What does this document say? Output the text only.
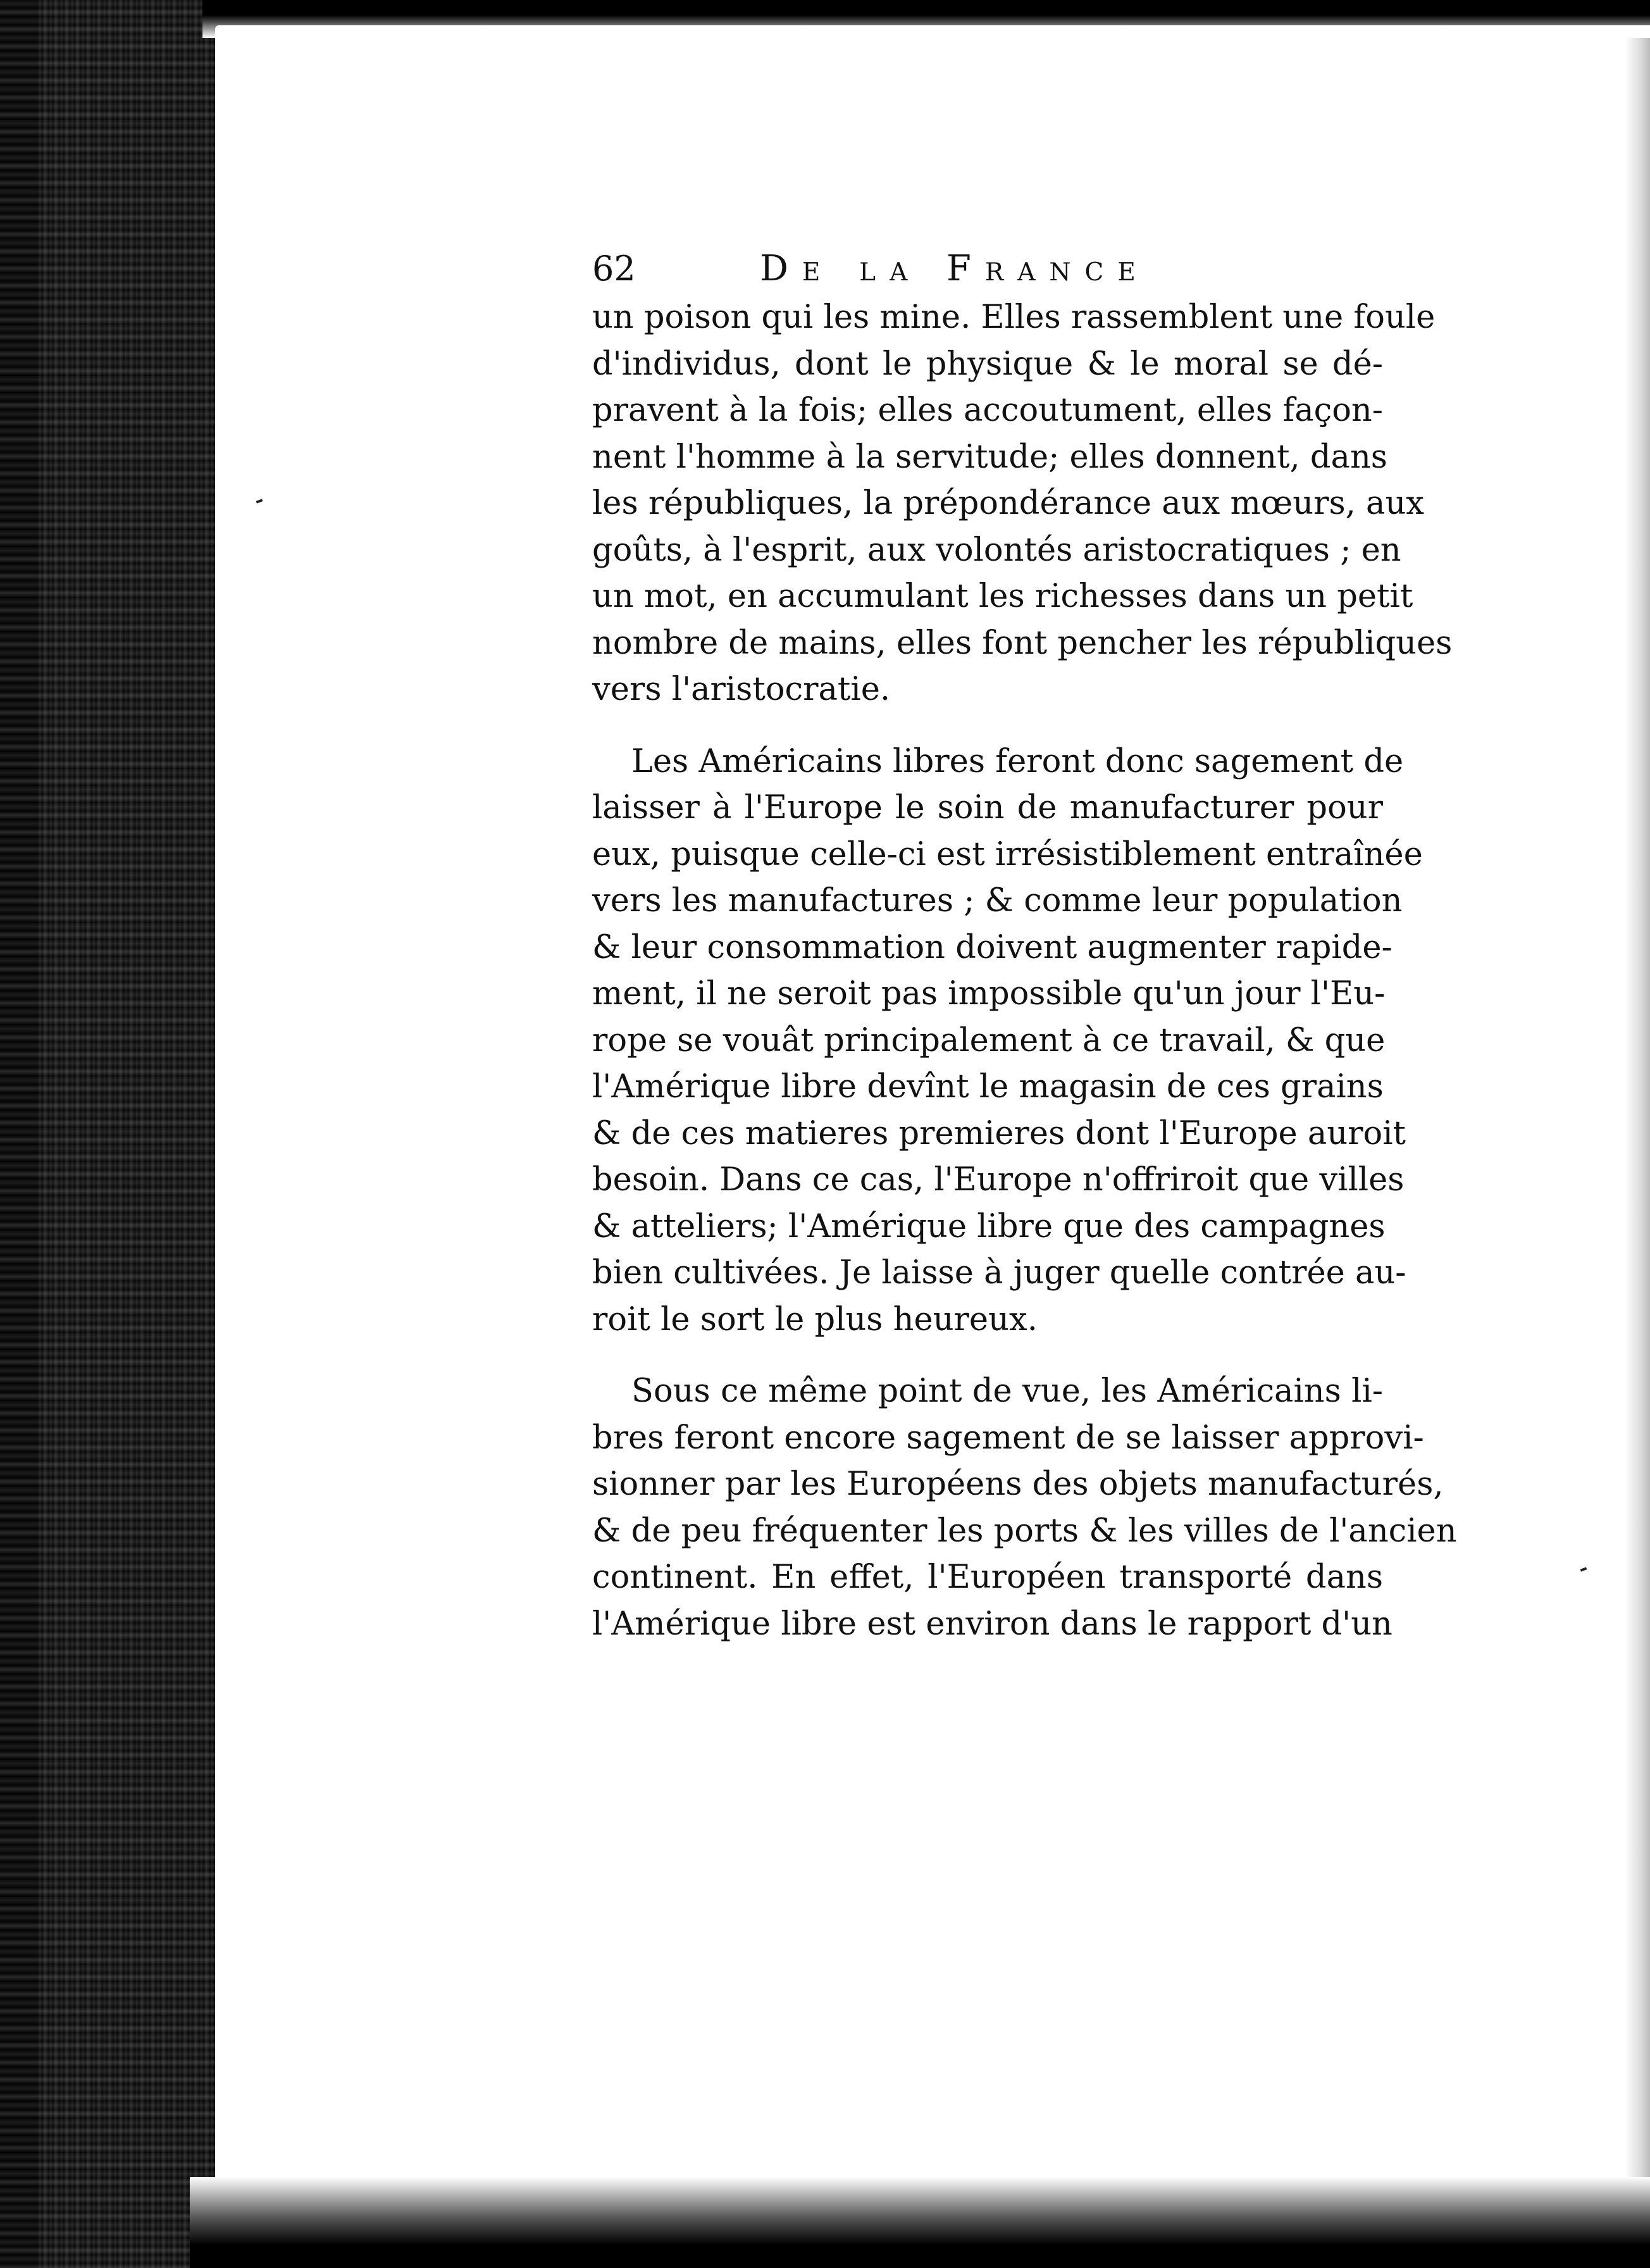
62	De la France
un poison qui les mine. Elles rassemblent une foule
d'individus, dont le physique & le moral se dé-
pravent à la fois; elles accoutument, elles façon-
nent l'homme à la servitude; elles donnent, dans
les républiques, la prépondérance aux mœurs, aux
goûts, à l'esprit, aux volontés aristocratiques ; en
un mot, en accumulant les richesses dans un petit
nombre de mains, elles font pencher les républiques
vers l'aristocratie.
Les Américains libres feront donc sagement de
laisser à l'Europe le soin de manufacturer pour
eux, puisque celle-ci est irrésistiblement entraînée
vers les manufactures ; & comme leur population
& leur consommation doivent augmenter rapide-
ment, il ne seroit pas impossible qu'un jour l'Eu-
rope se vouât principalement à ce travail, & que
l'Amérique libre devînt le magasin de ces grains
& de ces matieres premieres dont l'Europe auroit
besoin. Dans ce cas, l'Europe n'offriroit que villes
& atteliers; l'Amérique libre que des campagnes
bien cultivées. Je laisse à juger quelle contrée au-
roit le sort le plus heureux.
Sous ce même point de vue, les Américains li-
bres feront encore sagement de se laisser approvi-
sionner par les Européens des objets manufacturés,
& de peu fréquenter les ports & les villes de l'ancien
continent. En effet, l'Européen transporté dans
l'Amérique libre est environ dans le rapport d'un
